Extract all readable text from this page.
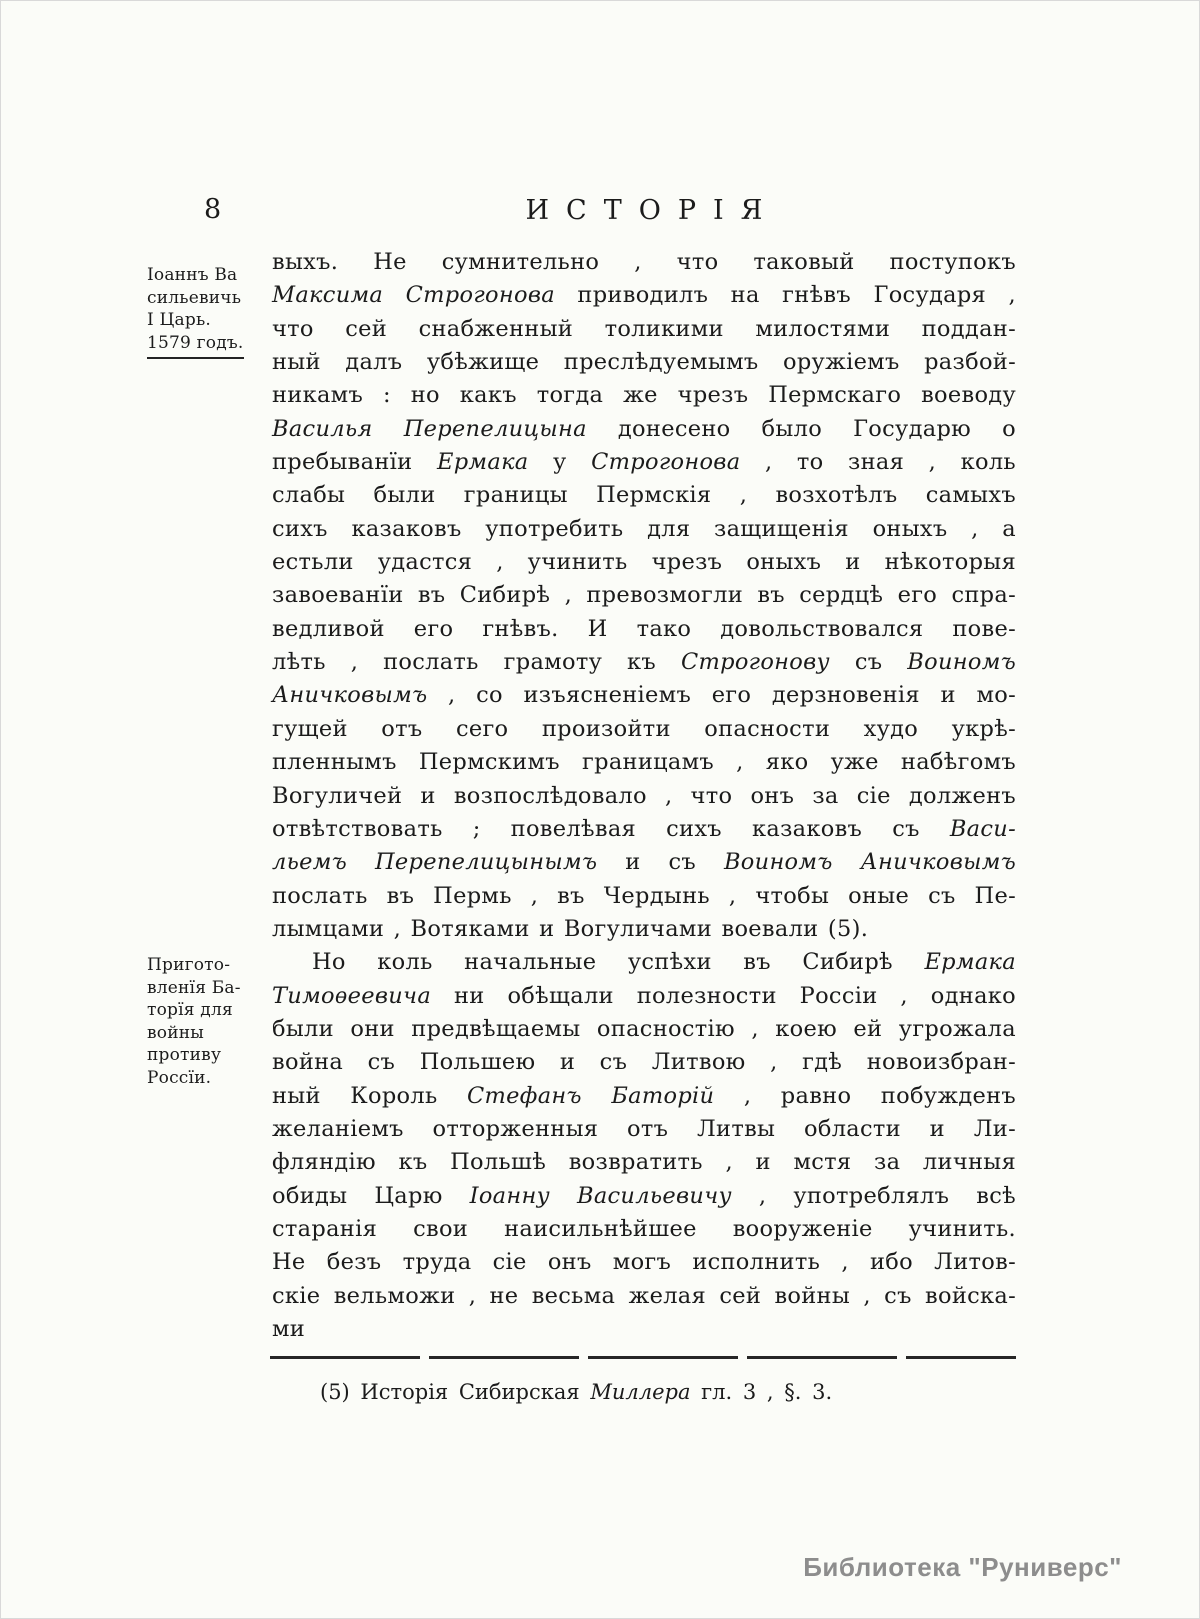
8	ИСТОРІЯ
Іоаннъ Ва
сильевичь
I Царь.
1579 годъ.
Пригото-
вленїя Ба-
торїя для
войны
противу
Россїи.
выхъ. Не сумнительно , что таковый поступокъ
Максима Строгонова приводилъ на гнѣвъ Государя ,
что сей снабженный толикими милостями поддан-
ный далъ убѣжище преслѣдуемымъ оружіемъ разбой-
никамъ : но какъ тогда же чрезъ Пермскаго воеводу
Василья Перепелицына донесено было Государю о
пребыванїи Ермака у Строгонова , то зная , коль
слабы были границы Пермскія , возхотѣлъ самыхъ
сихъ казаковъ употребить для защищенія оныхъ , а
естьли удастся , учинить чрезъ оныхъ и нѣкоторыя
завоеванїи въ Сибирѣ , превозмогли въ сердцѣ его спра-
ведливой его гнѣвъ. И тако довольствовался пове-
лѣть , послать грамоту къ Строгонову съ Воиномъ
Аничковымъ , со изъясненіемъ его дерзновенія и мо-
гущей отъ сего произойти опасности худо укрѣ-
пленнымъ Пермскимъ границамъ , яко уже набѣгомъ
Вогуличей и возпослѣдовало , что онъ за сіе долженъ
отвѣтствовать ; повелѣвая сихъ казаковъ съ Васи-
льемъ Перепелицынымъ и съ Воиномъ Аничковымъ
послать въ Пермь , въ Чердынь , чтобы оные съ Пе-
лымцами , Вотяками и Вогуличами воевали (5).
Но коль начальные успѣхи въ Сибирѣ Ермака
Тимоѳеевича ни обѣщали полезности Россіи , однако
были они предвѣщаемы опасностію , коею ей угрожала
война съ Польшею и съ Литвою , гдѣ новоизбран-
ный Король Стефанъ Баторій , равно побужденъ
желаніемъ отторженныя отъ Литвы области и Ли-
фляндію къ Польшѣ возвратить , и мстя за личныя
обиды Царю Іоанну Васильевичу , употреблялъ всѣ
старанія свои наисильнѣйшее вооруженіе учинить.
Не безъ труда сіе онъ могъ исполнить , ибо Литов-
скіе вельможи , не весьма желая сей войны , съ войска-
ми
(5) Исторія Сибирская Миллера гл. 3 , §. 3.
Библиотека "Руниверс"
